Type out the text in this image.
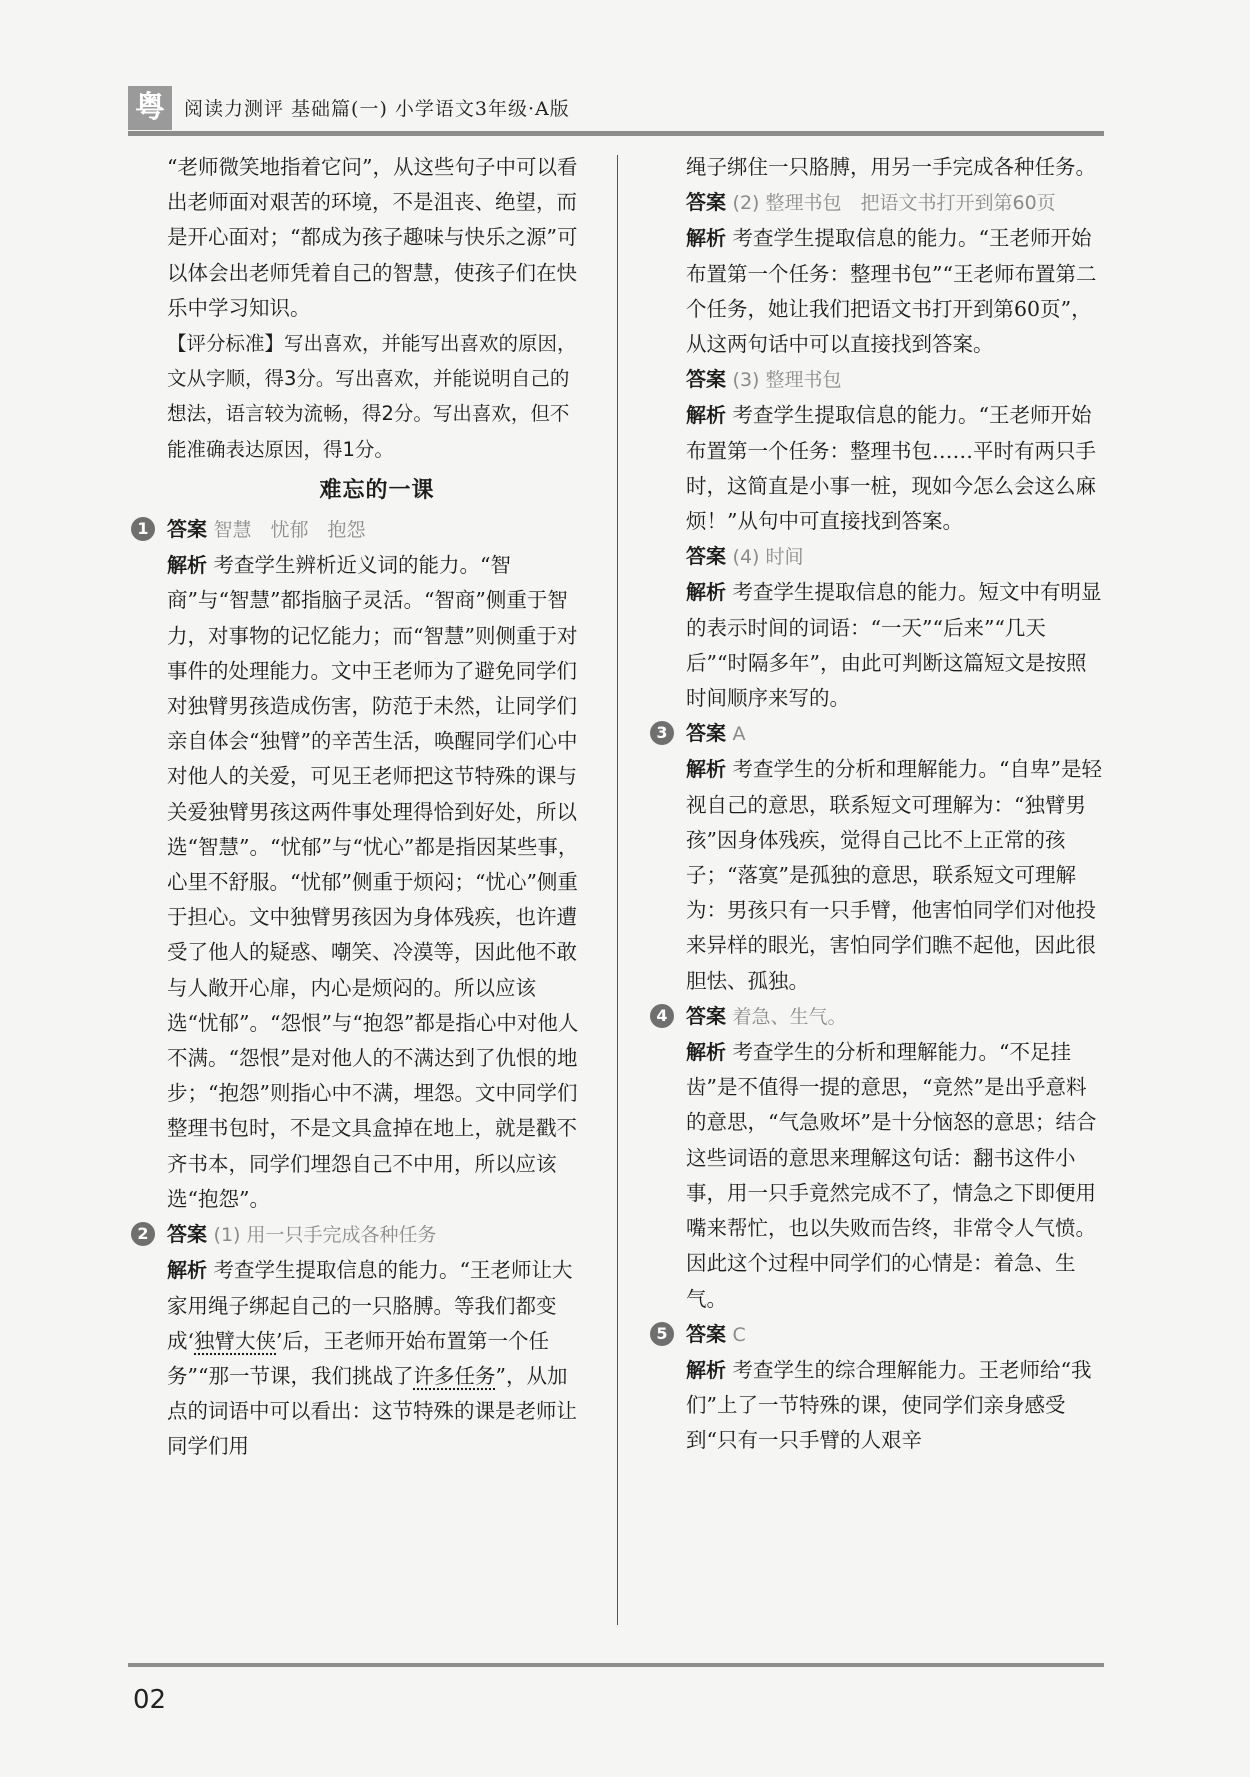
粤	阅读力测评 基础篇(一) 小学语文3年级·A版

“老师微笑地指着它问”，从这些句子中可以看出老师面对艰苦的环境，不是沮丧、绝望，而是开心面对；“都成为孩子趣味与快乐之源”可以体会出老师凭着自己的智慧，使孩子们在快乐中学习知识。

【评分标准】写出喜欢，并能写出喜欢的原因，文从字顺，得3分。写出喜欢，并能说明自己的想法，语言较为流畅，得2分。写出喜欢，但不能准确表达原因，得1分。

难忘的一课
1 答案 智慧　忧郁　抱怨

解析 考查学生辨析近义词的能力。“智商”与“智慧”都指脑子灵活。“智商”侧重于智力，对事物的记忆能力；而“智慧”则侧重于对事件的处理能力。文中王老师为了避免同学们对独臂男孩造成伤害，防范于未然，让同学们亲自体会“独臂”的辛苦生活，唤醒同学们心中对他人的关爱，可见王老师把这节特殊的课与关爱独臂男孩这两件事处理得恰到好处，所以选“智慧”。“忧郁”与“忧心”都是指因某些事，心里不舒服。“忧郁”侧重于烦闷；“忧心”侧重于担心。文中独臂男孩因为身体残疾，也许遭受了他人的疑惑、嘲笑、冷漠等，因此他不敢与人敞开心扉，内心是烦闷的。所以应该选“忧郁”。“怨恨”与“抱怨”都是指心中对他人不满。“怨恨”是对他人的不满达到了仇恨的地步；“抱怨”则指心中不满，埋怨。文中同学们整理书包时，不是文具盒掉在地上，就是戳不齐书本，同学们埋怨自己不中用，所以应该选“抱怨”。

2 答案 (1) 用一只手完成各种任务

解析 考查学生提取信息的能力。“王老师让大家用绳子绑起自己的一只胳膊。等我们都变成‘独臂大侠’后，王老师开始布置第一个任务”“那一节课，我们挑战了许多任务”，从加点的词语中可以看出：这节特殊的课是老师让同学们用

绳子绑住一只胳膊，用另一手完成各种任务。

答案 (2) 整理书包　把语文书打开到第60页

解析 考查学生提取信息的能力。“王老师开始布置第一个任务：整理书包”“王老师布置第二个任务，她让我们把语文书打开到第60页”，从这两句话中可以直接找到答案。

答案 (3) 整理书包

解析 考查学生提取信息的能力。“王老师开始布置第一个任务：整理书包……平时有两只手时，这简直是小事一桩，现如今怎么会这么麻烦！”从句中可直接找到答案。

答案 (4) 时间

解析 考查学生提取信息的能力。短文中有明显的表示时间的词语：“一天”“后来”“几天后”“时隔多年”，由此可判断这篇短文是按照时间顺序来写的。

3 答案 A

解析 考查学生的分析和理解能力。“自卑”是轻视自己的意思，联系短文可理解为：“独臂男孩”因身体残疾，觉得自己比不上正常的孩子；“落寞”是孤独的意思，联系短文可理解为：男孩只有一只手臂，他害怕同学们对他投来异样的眼光，害怕同学们瞧不起他，因此很胆怯、孤独。

4 答案 着急、生气。

解析 考查学生的分析和理解能力。“不足挂齿”是不值得一提的意思，“竟然”是出乎意料的意思，“气急败坏”是十分恼怒的意思；结合这些词语的意思来理解这句话：翻书这件小事，用一只手竟然完成不了，情急之下即便用嘴来帮忙，也以失败而告终，非常令人气愤。因此这个过程中同学们的心情是：着急、生气。

5 答案 C

解析 考查学生的综合理解能力。王老师给“我们”上了一节特殊的课，使同学们亲身感受到“只有一只手臂的人艰辛

02
